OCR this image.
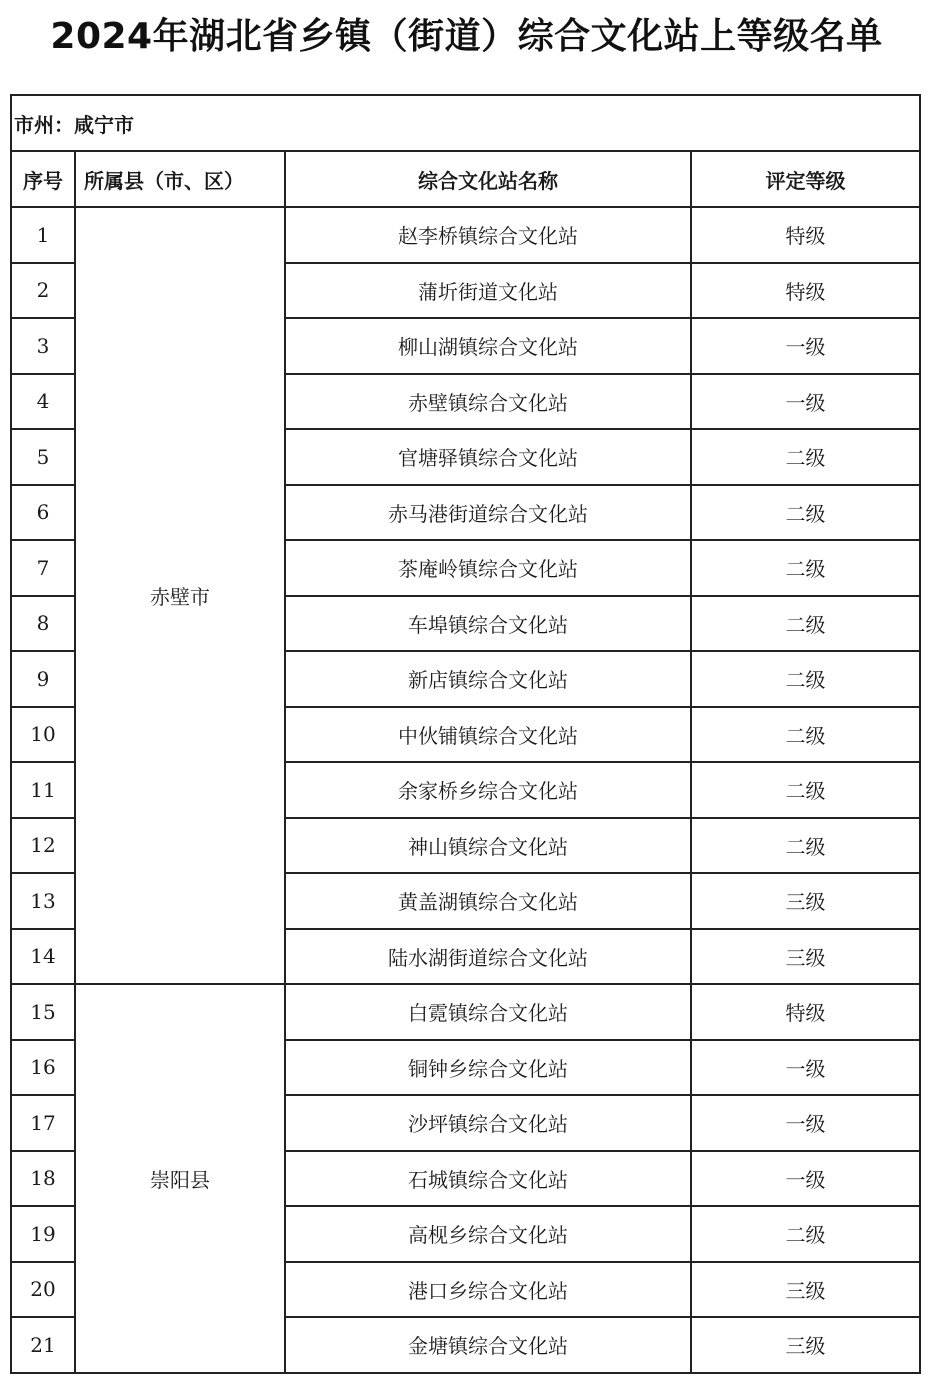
2024年湖北省乡镇（街道）综合文化站上等级名单
市州：咸宁市			
序号	所属县（市、区）	综合文化站名称	评定等级
1	赤壁市	赵李桥镇综合文化站	特级
2		蒲圻街道文化站	特级
3		柳山湖镇综合文化站	一级
4		赤壁镇综合文化站	一级
5		官塘驿镇综合文化站	二级
6		赤马港街道综合文化站	二级
7		茶庵岭镇综合文化站	二级
8		车埠镇综合文化站	二级
9		新店镇综合文化站	二级
10		中伙铺镇综合文化站	二级
11		余家桥乡综合文化站	二级
12		神山镇综合文化站	二级
13		黄盖湖镇综合文化站	三级
14		陆水湖街道综合文化站	三级
15	崇阳县	白霓镇综合文化站	特级
16		铜钟乡综合文化站	一级
17		沙坪镇综合文化站	一级
18		石城镇综合文化站	一级
19		高枧乡综合文化站	二级
20		港口乡综合文化站	三级
21		金塘镇综合文化站	三级
